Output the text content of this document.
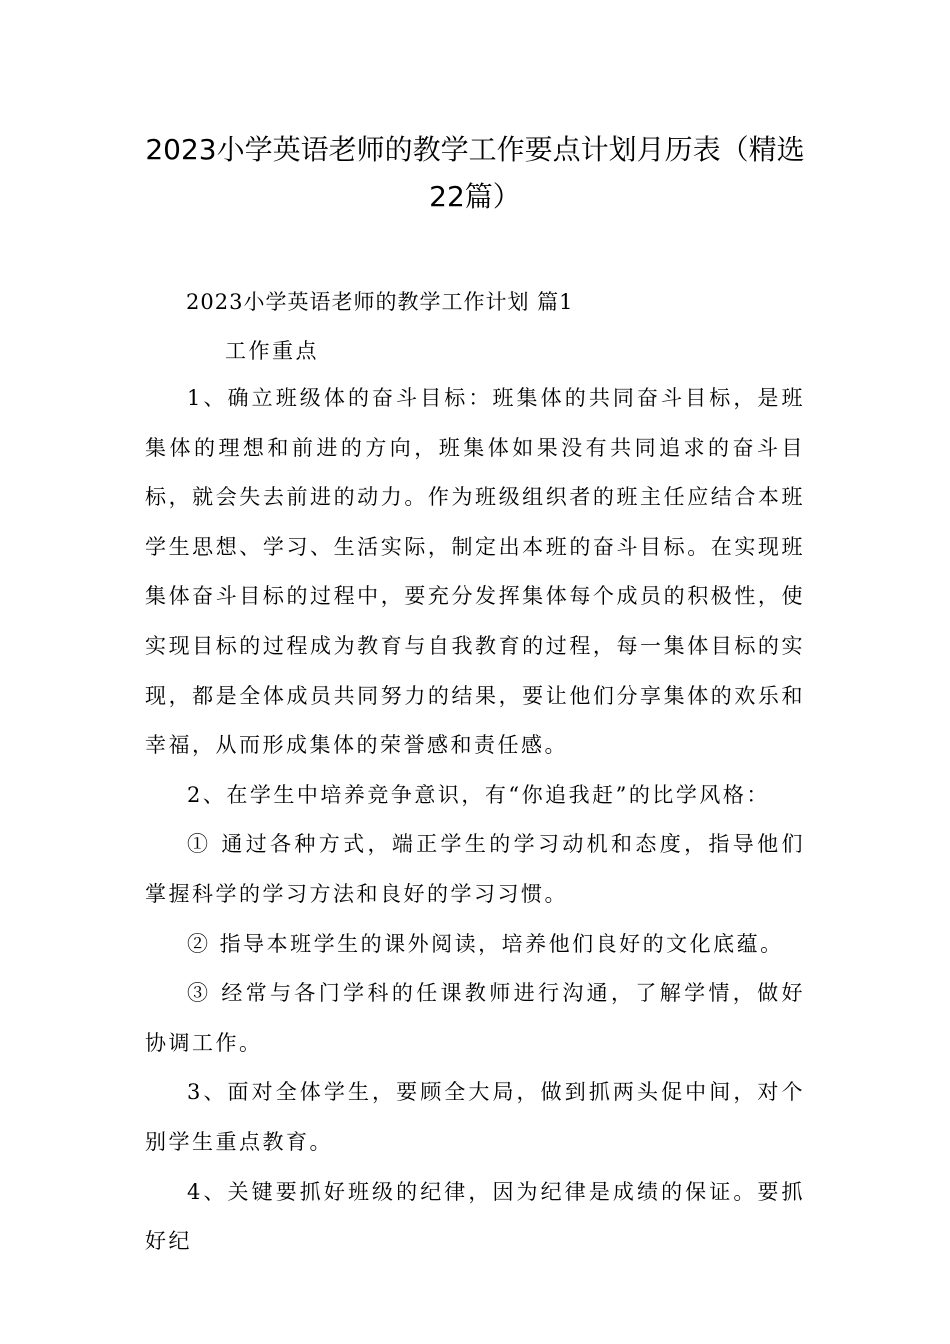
2023小学英语老师的教学工作要点计划月历表（精选
22篇）
2023小学英语老师的教学工作计划 篇1
工作重点

1、确立班级体的奋斗目标：班集体的共同奋斗目标，是班集体的理想和前进的方向，班集体如果没有共同追求的奋斗目标，就会失去前进的动力。作为班级组织者的班主任应结合本班学生思想、学习、生活实际，制定出本班的奋斗目标。在实现班集体奋斗目标的过程中，要充分发挥集体每个成员的积极性，使实现目标的过程成为教育与自我教育的过程，每一集体目标的实现，都是全体成员共同努力的结果，要让他们分享集体的欢乐和幸福，从而形成集体的荣誉感和责任感。

2、在学生中培养竞争意识，有“你追我赶”的比学风格：

① 通过各种方式，端正学生的学习动机和态度，指导他们掌握科学的学习方法和良好的学习习惯。

② 指导本班学生的课外阅读，培养他们良好的文化底蕴。

③ 经常与各门学科的任课教师进行沟通，了解学情，做好协调工作。

3、面对全体学生，要顾全大局，做到抓两头促中间，对个别学生重点教育。

4、关键要抓好班级的纪律，因为纪律是成绩的保证。要抓好纪
